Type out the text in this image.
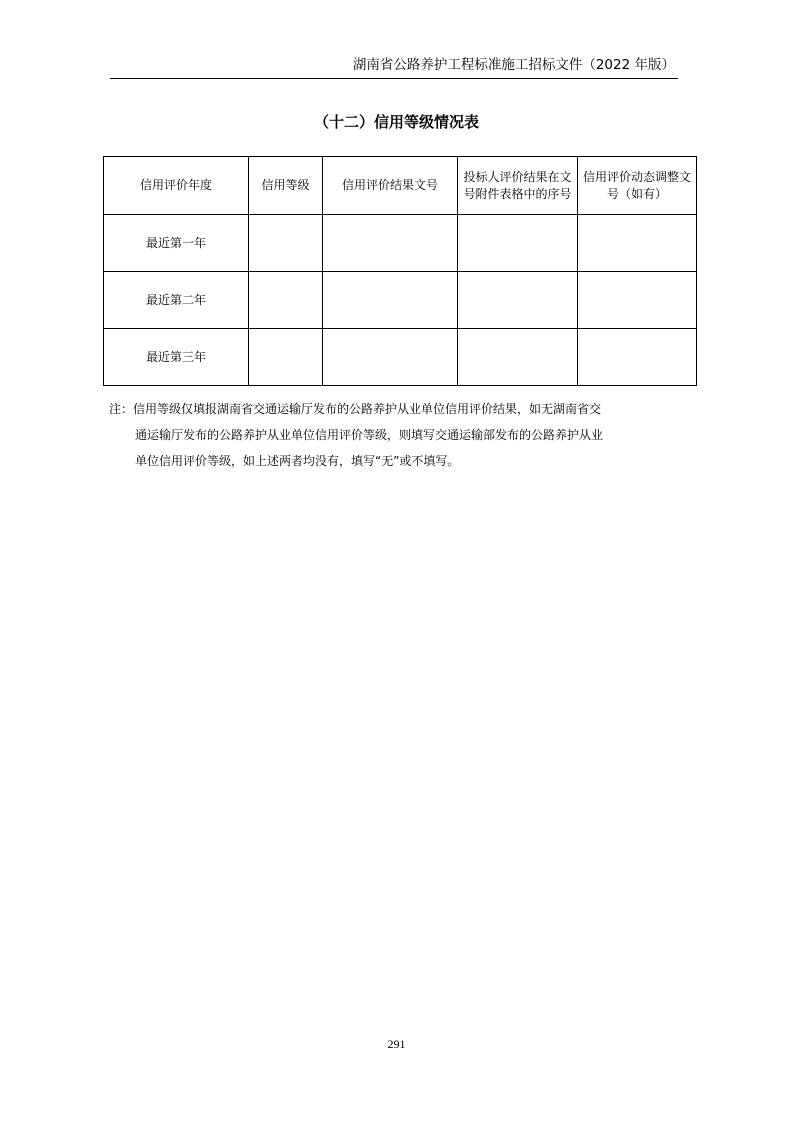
湖南省公路养护工程标准施工招标文件（2022 年版）
（十二）信用等级情况表
信用评价年度	信用等级	信用评价结果文号	投标人评价结果在文号附件表格中的序号	信用评价动态调整文号（如有）
最近第一年				
最近第二年				
最近第三年				
注：信用等级仅填报湖南省交通运输厅发布的公路养护从业单位信用评价结果，如无湖南省交
通运输厅发布的公路养护从业单位信用评价等级，则填写交通运输部发布的公路养护从业
单位信用评价等级，如上述两者均没有，填写“无”或不填写。
291
